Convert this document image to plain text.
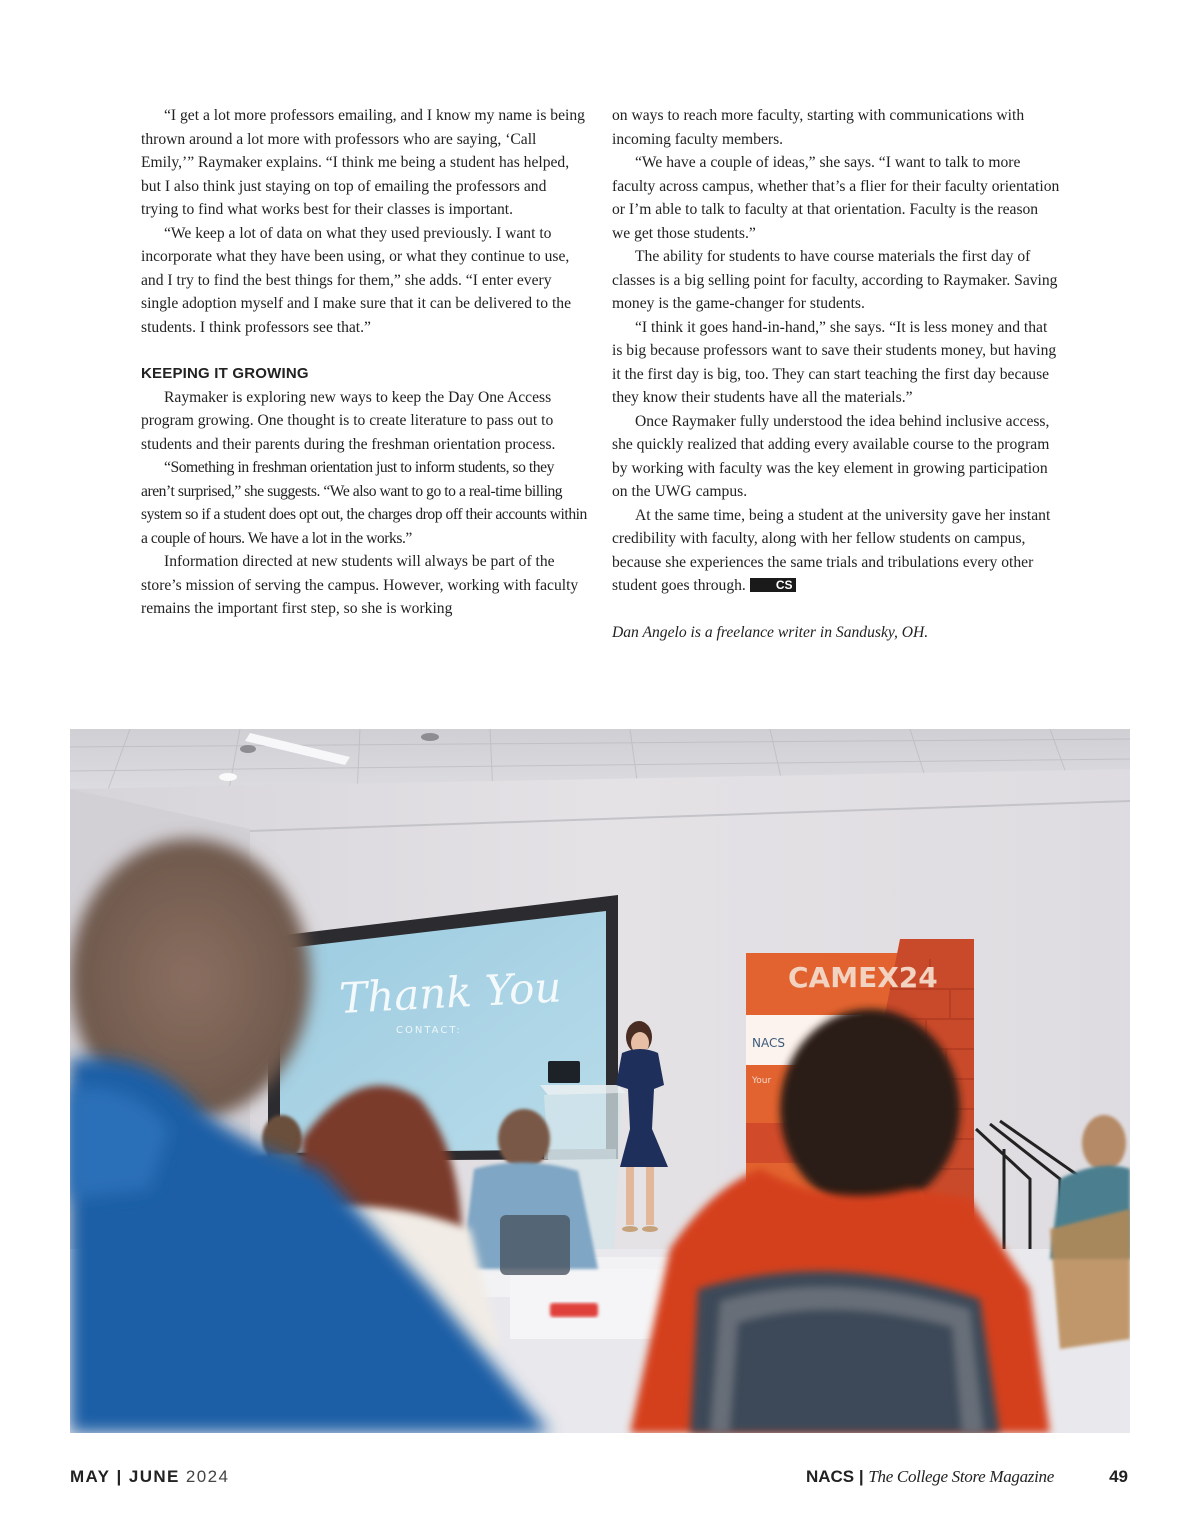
“I get a lot more professors emailing, and I know my name is being thrown around a lot more with professors who are saying, ‘Call Emily,’” Raymaker explains. “I think me being a student has helped, but I also think just staying on top of emailing the professors and trying to find what works best for their classes is important.

“We keep a lot of data on what they used previously. I want to incorporate what they have been using, or what they continue to use, and I try to find the best things for them,” she adds. “I enter every single adoption myself and I make sure that it can be delivered to the students. I think professors see that.”

KEEPING IT GROWING

Raymaker is exploring new ways to keep the Day One Access program growing. One thought is to create literature to pass out to students and their parents during the freshman orientation process.

“Something in freshman orientation just to inform students, so they aren’t surprised,” she suggests. “We also want to go to a real-time billing system so if a student does opt out, the charges drop off their accounts within a couple of hours. We have a lot in the works.”

Information directed at new students will always be part of the store’s mission of serving the campus. However, working with faculty remains the important first step, so she is working

on ways to reach more faculty, starting with communications with incoming faculty members.

“We have a couple of ideas,” she says. “I want to talk to more faculty across campus, whether that’s a flier for their faculty orientation or I’m able to talk to faculty at that orientation. Faculty is the reason we get those students.”

The ability for students to have course materials the first day of classes is a big selling point for faculty, according to Raymaker. Saving money is the game-changer for students.

“I think it goes hand-in-hand,” she says. “It is less money and that is big because professors want to save their students money, but having it the first day is big, too. They can start teaching the first day because they know their students have all the materials.”

Once Raymaker fully understood the idea behind inclusive access, she quickly realized that adding every available course to the program by working with faculty was the key element in growing participation on the UWG campus.

At the same time, being a student at the university gave her instant credibility with faculty, along with her fellow students on campus, because she experiences the same trials and tribulations every other student goes through.	CS

Dan Angelo is a freelance writer in Sandusky, OH.

Thank You
CONTACT:
CAMEX24
NACS
Your
MAY | JUNE 2024	NACS | The College Store Magazine	49
